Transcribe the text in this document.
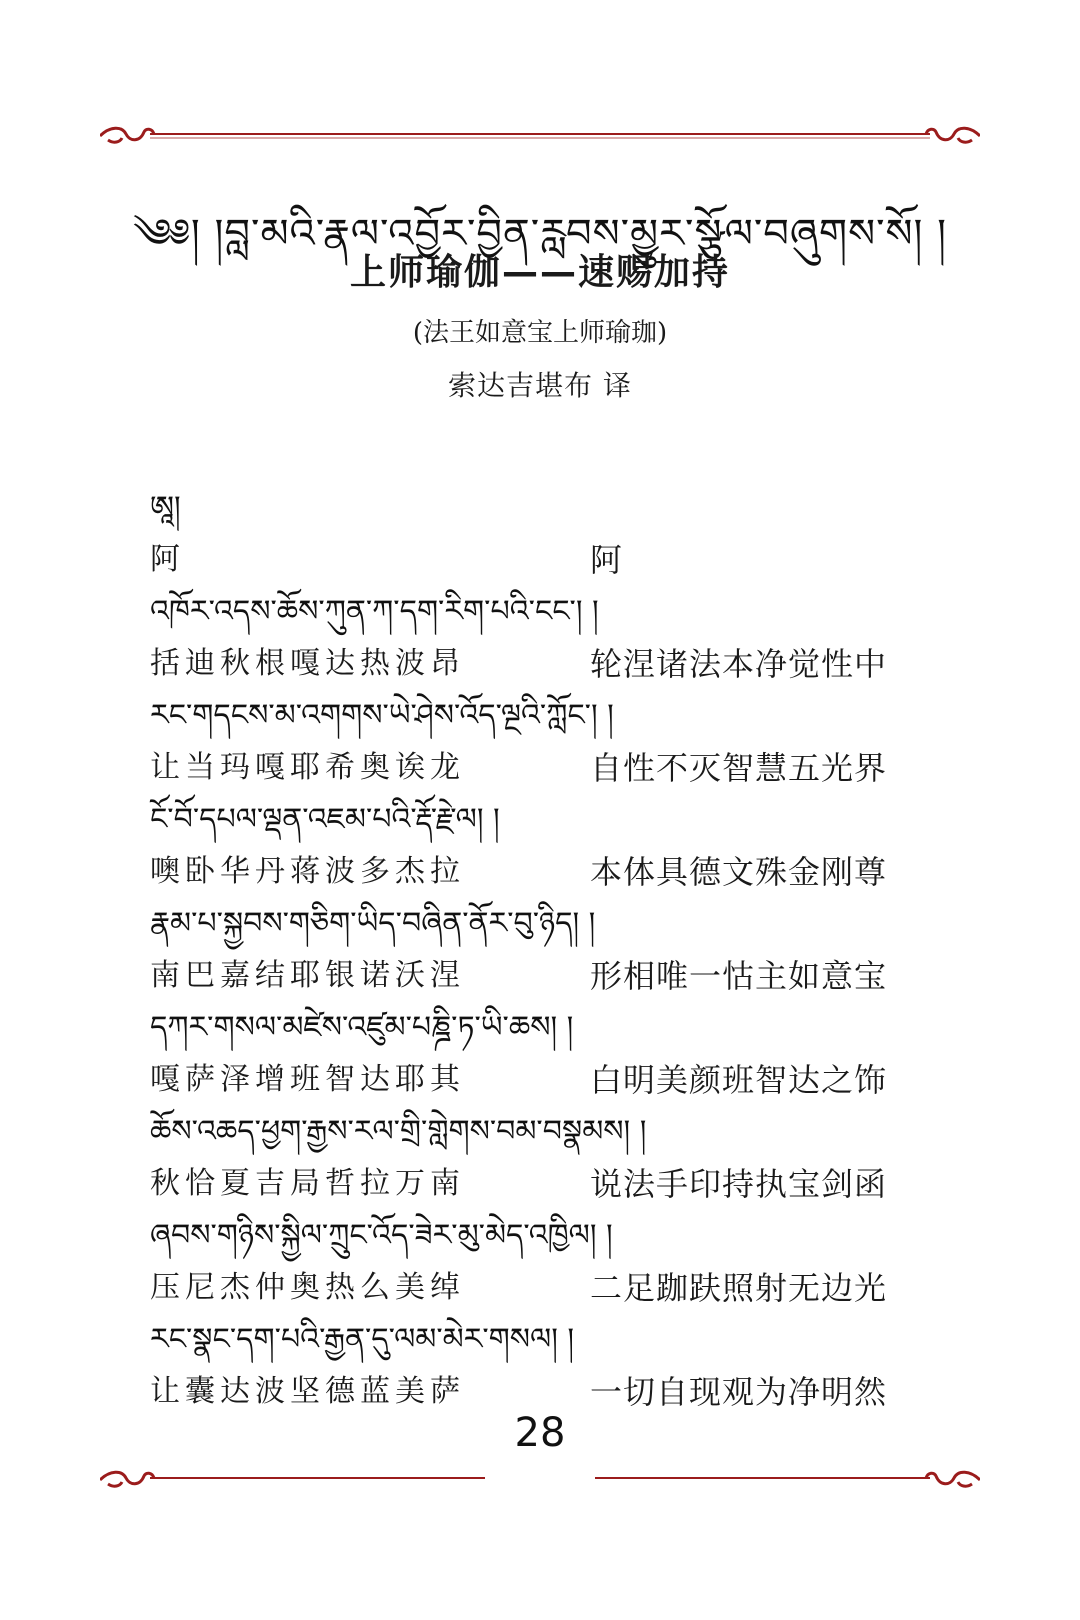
༄༅། །བླ་མའི་རྣལ་འབྱོར་བྱིན་རླབས་མྱུར་སྩོལ་བཞུགས་སོ། །
上师瑜伽——速赐加持
(法王如意宝上师瑜珈)
索达吉堪布 译
ཨཱ།
阿	阿
འཁོར་འདས་ཆོས་ཀུན་ཀ་དག་རིག་པའི་ངང་། །
括迪秋根嘎达热波昂	轮涅诸法本净觉性中
རང་གདངས་མ་འགགས་ཡེ་ཤེས་འོད་ལྔའི་ཀློང་། །
让当玛嘎耶希奥诶龙	自性不灭智慧五光界
ངོ་བོ་དཔལ་ལྡན་འཇམ་པའི་རྡོ་རྗེ་ལ། །
噢卧华丹蒋波多杰拉	本体具德文殊金刚尊
རྣམ་པ་སྐྱབས་གཅིག་ཡིད་བཞིན་ནོར་བུ་ཉིད། །
南巴嘉结耶银诺沃涅	形相唯一怙主如意宝
དཀར་གསལ་མཛེས་འཛུམ་པཎྜི་ཏ་ཡི་ཆས། །
嘎萨泽增班智达耶其	白明美颜班智达之饰
ཆོས་འཆད་ཕྱག་རྒྱས་རལ་གྲི་གླེགས་བམ་བསྣམས། །
秋恰夏吉局哲拉万南	说法手印持执宝剑函
ཞབས་གཉིས་སྐྱིལ་ཀྲུང་འོད་ཟེར་མུ་མེད་འཁྱིལ། །
压尼杰仲奥热么美绰	二足跏趺照射无边光
རང་སྣང་དག་པའི་རྒྱན་དུ་ལམ་མེར་གསལ། །
让囊达波坚德蓝美萨	一切自现观为净明然
28
